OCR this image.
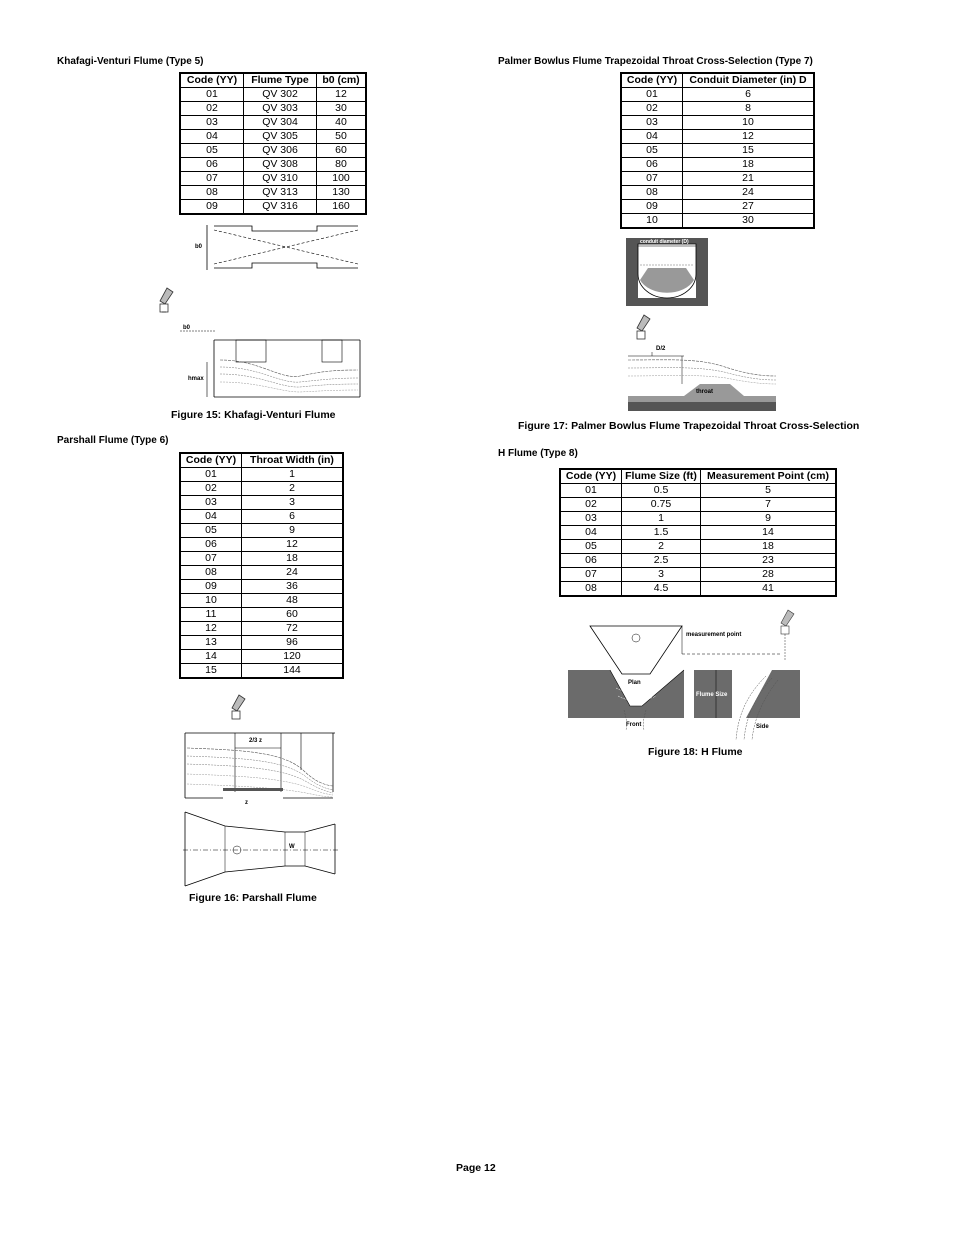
Khafagi-Venturi Flume (Type 5)
Code (YY)	Flume Type	b0 (cm)
01	QV 302	12
02	QV 303	30
03	QV 304	40
04	QV 305	50
05	QV 306	60
06	QV 308	80
07	QV 310	100
08	QV 313	130
09	QV 316	160
b0
b0
hmax
Figure 15: Khafagi-Venturi Flume
Parshall Flume (Type 6)
Code (YY)	Throat Width (in)
01	1
02	2
03	3
04	6
05	9
06	12
07	18
08	24
09	36
10	48
11	60
12	72
13	96
14	120
15	144
2/3 z
z
W
Figure 16: Parshall Flume
Palmer Bowlus Flume Trapezoidal Throat Cross-Selection (Type 7)
Code (YY)	Conduit Diameter (in) D
01	6
02	8
03	10
04	12
05	15
06	18
07	21
08	24
09	27
10	30
conduit diameter (D)
D/2
throat
Figure 17: Palmer Bowlus Flume Trapezoidal Throat Cross-Selection
H Flume (Type 8)
Code (YY)	Flume Size (ft)	Measurement Point (cm)
01	0.5	5
02	0.75	7
03	1	9
04	1.5	14
05	2	18
06	2.5	23
07	3	28
08	4.5	41
measurement point
Plan
Front
Flume Size
Side
Figure 18: H Flume
Page 12
